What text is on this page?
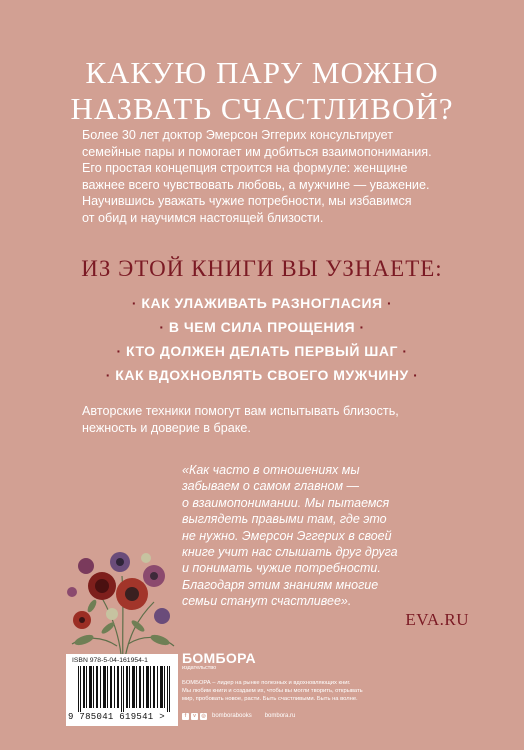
КАКУЮ ПАРУ МОЖНО
НАЗВАТЬ СЧАСТЛИВОЙ?
Более 30 лет доктор Эмерсон Эггерих консультирует
семейные пары и помогает им добиться взаимопонимания.
Его простая концепция строится на формуле: женщине
важнее всего чувствовать любовь, а мужчине — уважение.
Научившись уважать чужие потребности, мы избавимся
от обид и научимся настоящей близости.
ИЗ ЭТОЙ КНИГИ ВЫ УЗНАЕТЕ:
· КАК УЛАЖИВАТЬ РАЗНОГЛАСИЯ ·
· В ЧЕМ СИЛА ПРОЩЕНИЯ ·
· КТО ДОЛЖЕН ДЕЛАТЬ ПЕРВЫЙ ШАГ ·
· КАК ВДОХНОВЛЯТЬ СВОЕГО МУЖЧИНУ ·
Авторские техники помогут вам испытывать близость,
нежность и доверие в браке.
«Как часто в отношениях мы
забываем о самом главном —
о взаимопонимании. Мы пытаемся
выглядеть правыми там, где это
не нужно. Эмерсон Эггерих в своей
книге учит нас слышать друг друга
и понимать чужие потребности.
Благодаря этим знаниям многие
семьи станут счастливее».
EVA.RU
ISBN 978-5-04-161954-1
9 785041 619541 >
БОМБОРА
издательство
БОМБОРА – лидер на рынке полезных и вдохновляющих книг.
Мы любим книги и создаем их, чтобы вы могли творить, открывать
мир, пробовать новое, расти. Быть счастливыми. Быть на волне.
f	v	◎ bomborabooks bombora.ru
